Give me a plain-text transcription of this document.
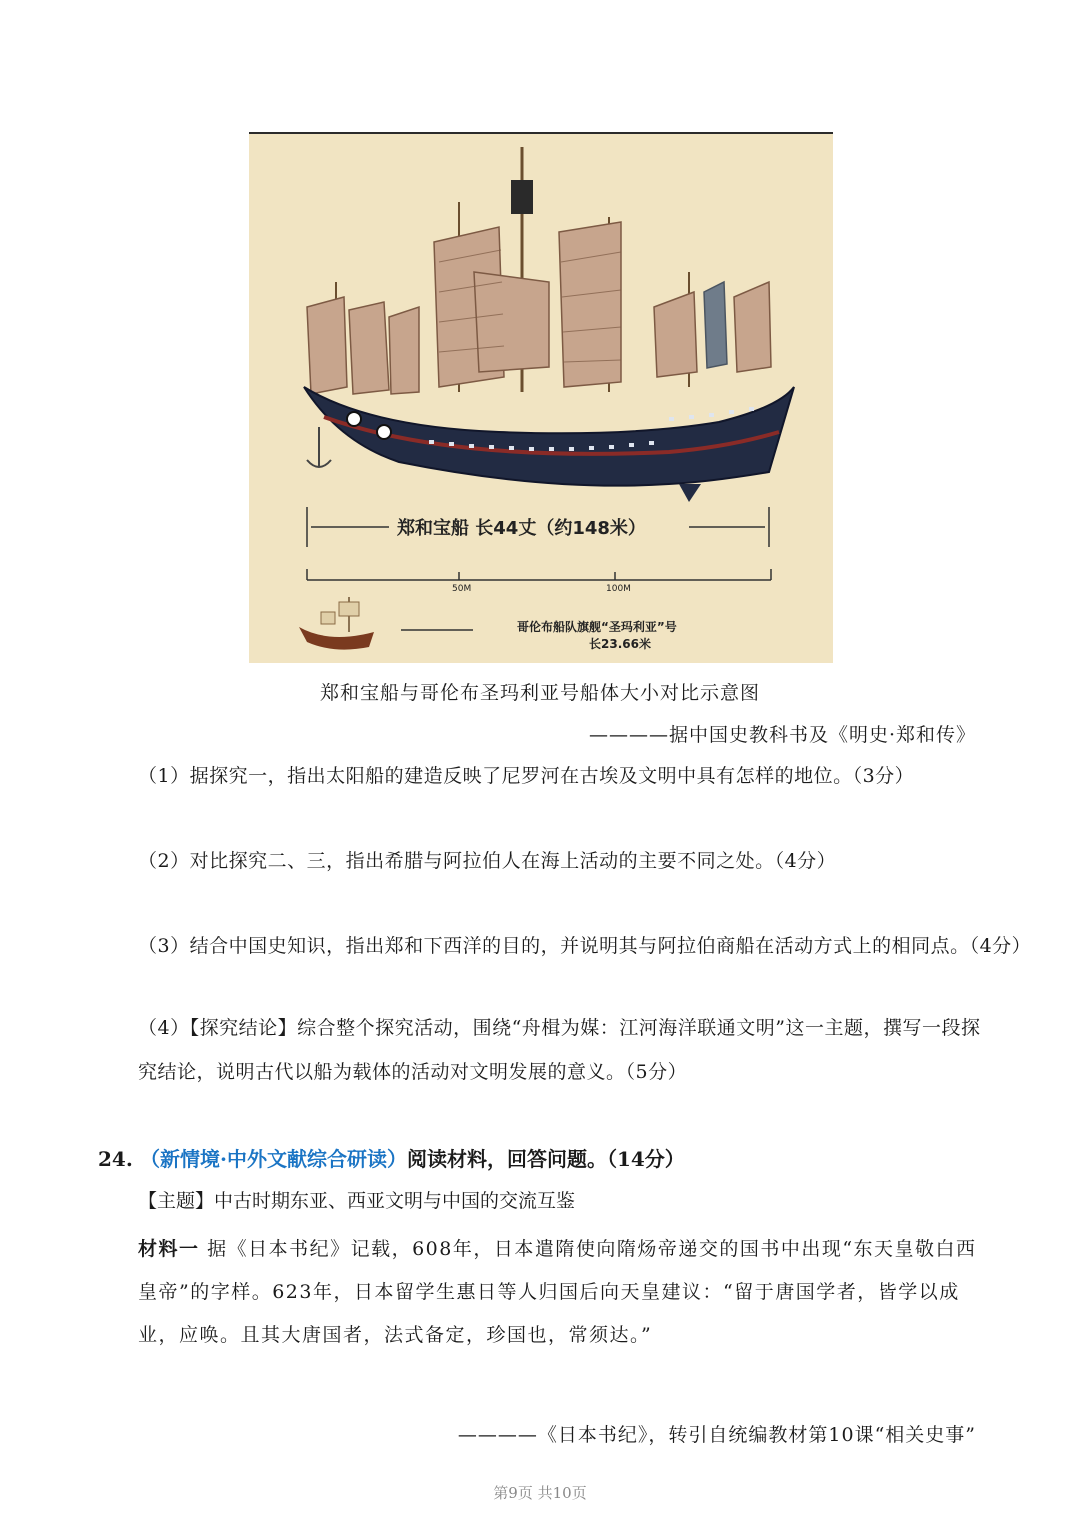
郑和宝船 长44丈（约148米）
50M	100M
哥伦布船队旗舰“圣玛利亚”号
长23.66米
郑和宝船与哥伦布圣玛利亚号船体大小对比示意图
————据中国史教科书及《明史·郑和传》
（1）据探究一，指出太阳船的建造反映了尼罗河在古埃及文明中具有怎样的地位。（3分）
（2）对比探究二、三，指出希腊与阿拉伯人在海上活动的主要不同之处。（4分）
（3）结合中国史知识，指出郑和下西洋的目的，并说明其与阿拉伯商船在活动方式上的相同点。（4分）
（4）【探究结论】综合整个探究活动，围绕“舟楫为媒：江河海洋联通文明”这一主题，撰写一段探究结论，说明古代以船为载体的活动对文明发展的意义。（5分）
24. （新情境·中外文献综合研读）阅读材料，回答问题。（14分）
【主题】中古时期东亚、西亚文明与中国的交流互鉴
材料一 据《日本书纪》记载，608年，日本遣隋使向隋炀帝递交的国书中出现“东天皇敬白西皇帝”的字样。623年，日本留学生惠日等人归国后向天皇建议：“留于唐国学者，皆学以成业，应唤。且其大唐国者，法式备定，珍国也，常须达。”
————《日本书纪》，转引自统编教材第10课“相关史事”
第9页 共10页
